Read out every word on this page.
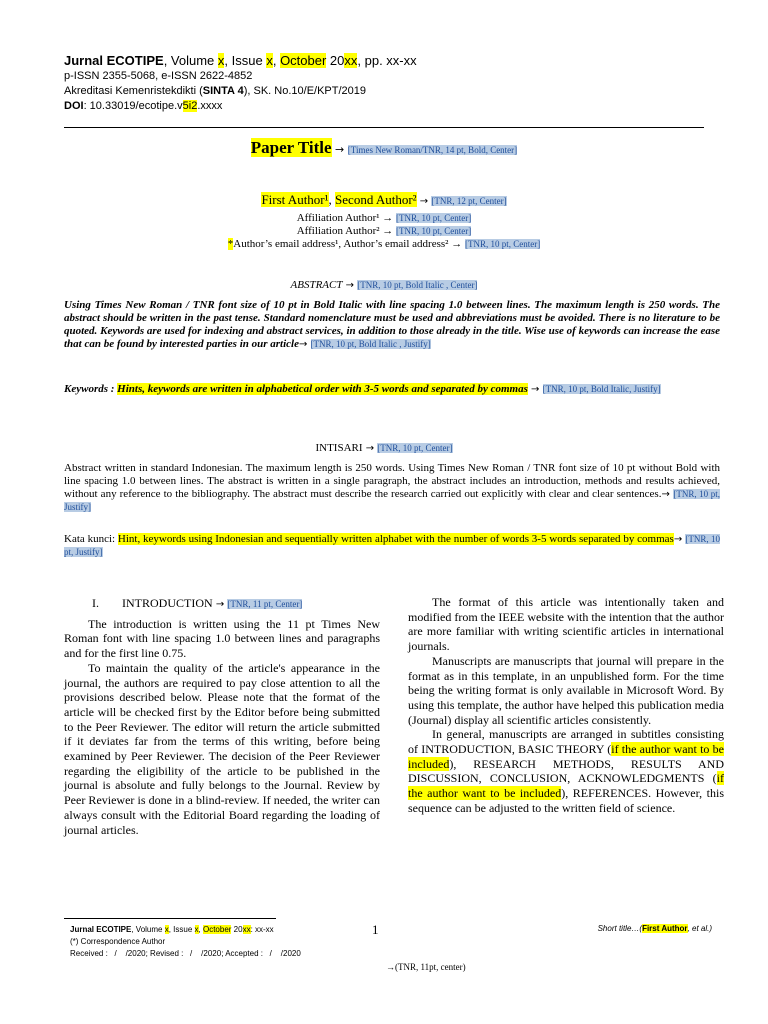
Jurnal ECOTIPE, Volume x, Issue x, October 20xx, pp. xx-xx
p-ISSN 2355-5068, e-ISSN 2622-4852
Akreditasi Kemenristekdikti (SINTA 4), SK. No.10/E/KPT/2019
DOI: 10.33019/ecotipe.v5i2.xxxx
Paper Title → [Times New Roman/TNR, 14 pt, Bold, Center]
First Author¹, Second Author² → [TNR, 12 pt, Center]
Affiliation Author¹ → [TNR, 10 pt, Center]
Affiliation Author² → [TNR, 10 pt, Center]
*Author’s email address¹, Author’s email address² → [TNR, 10 pt, Center]
ABSTRACT → [TNR, 10 pt, Bold Italic , Center]
Using Times New Roman / TNR font size of 10 pt in Bold Italic with line spacing 1.0 between lines. The maximum length is 250 words. The abstract should be written in the past tense. Standard nomenclature must be used and abbreviations must be avoided. There is no literature to be quoted. Keywords are used for indexing and abstract services, in addition to those already in the title. Wise use of keywords can increase the ease that can be found by interested parties in our article→ [TNR, 10 pt, Bold Italic , Justify]
Keywords : Hints, keywords are written in alphabetical order with 3-5 words and separated by commas → [TNR, 10 pt, Bold Italic, Justify]
INTISARI → [TNR, 10 pt, Center]
Abstract written in standard Indonesian. The maximum length is 250 words. Using Times New Roman / TNR font size of 10 pt without Bold with line spacing 1.0 between lines. The abstract is written in a single paragraph, the abstract includes an introduction, methods and results achieved, without any reference to the bibliography. The abstract must describe the research carried out explicitly with clear and clear sentences.→ [TNR, 10 pt, Justify]
Kata kunci: Hint, keywords using Indonesian and sequentially written alphabet with the number of words 3-5 words separated by commas→ [TNR, 10 pt, Justify]
I. INTRODUCTION → [TNR, 11 pt, Center]

The introduction is written using the 11 pt Times New Roman font with line spacing 1.0 between lines and paragraphs and for the first line 0.75.

To maintain the quality of the article's appearance in the journal, the authors are required to pay close attention to all the provisions described below. Please note that the format of the article will be checked first by the Editor before being submitted to the Peer Reviewer. The editor will return the article submitted if it deviates far from the terms of this writing, before being examined by Peer Reviewer. The decision of the Peer Reviewer regarding the eligibility of the article to be published in the journal is absolute and fully belongs to the Journal. Review by Peer Reviewer is done in a blind-review. If needed, the writer can always consult with the Editorial Board regarding the loading of journal articles.

The format of this article was intentionally taken and modified from the IEEE website with the intention that the author are more familiar with writing scientific articles in international journals.

Manuscripts are manuscripts that journal will prepare in the format as in this template, in an unpublished form. For the time being the writing format is only available in Microsoft Word. By using this template, the author have helped this publication media (Journal) display all scientific articles consistently.

In general, manuscripts are arranged in subtitles consisting of INTRODUCTION, BASIC THEORY (if the author want to be included), RESEARCH METHODS, RESULTS AND DISCUSSION, CONCLUSION, ACKNOWLEDGMENTS (if the author want to be included), REFERENCES. However, this sequence can be adjusted to the written field of science.

Jurnal ECOTIPE, Volume x, Issue x, October 20xx: xx-xx
(*) Correspondence Author
Received :   /    /2020; Revised :   /    /2020; Accepted :   /    /2020
1	Short title…(First Author, et al.)
→(TNR, 11pt, center)
